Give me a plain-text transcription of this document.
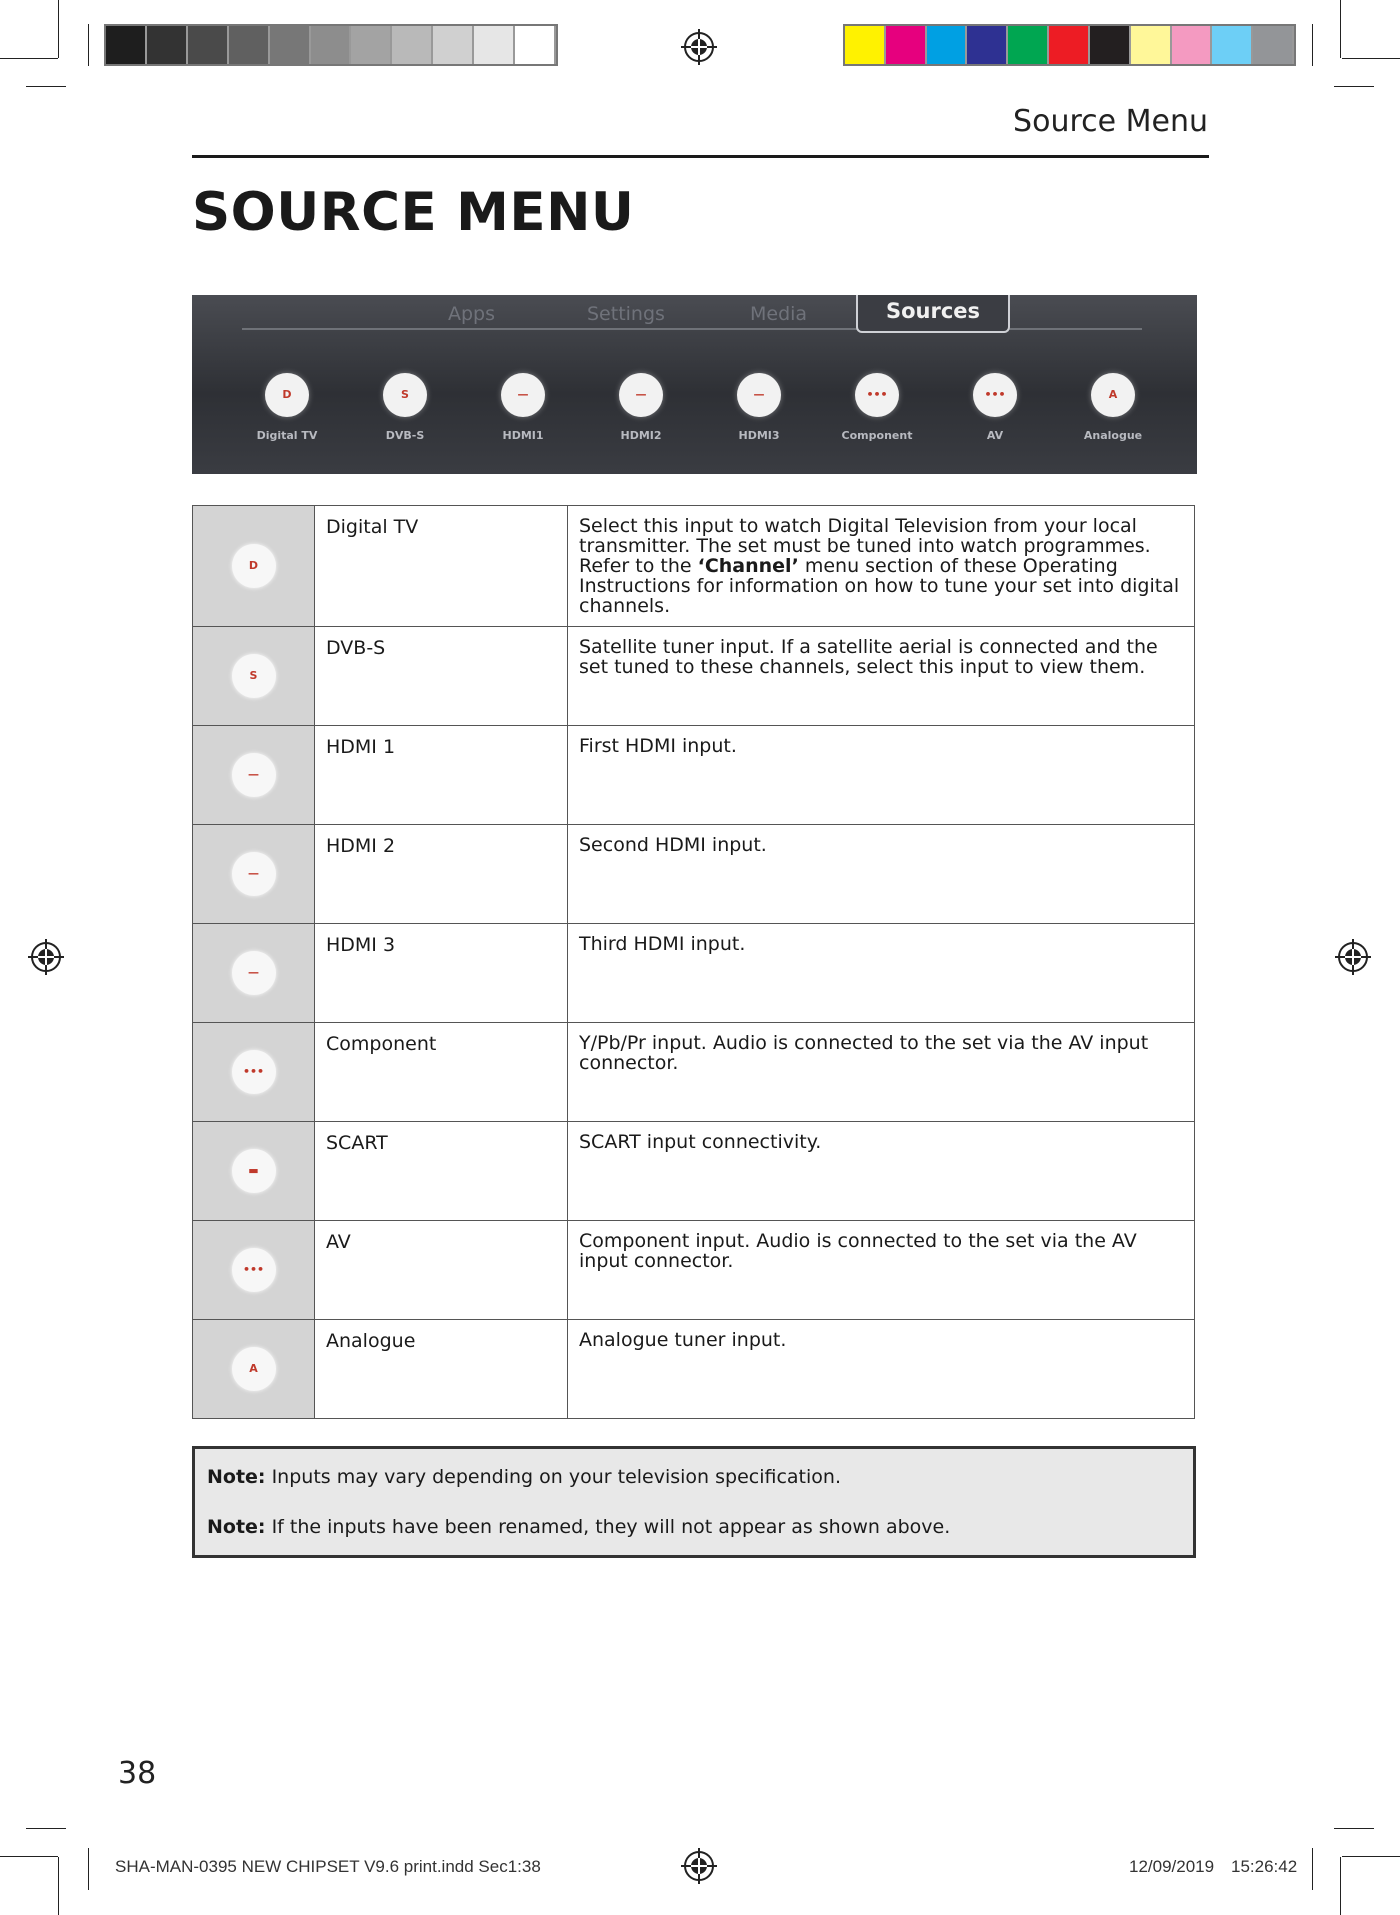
Source Menu
SOURCE MENU
Apps	Settings	Media	Sources
D
Digital TV
S
DVB-S
—
HDMI1
—
HDMI2
—
HDMI3
•••
Component
•••
AV
A
Analogue
D	Digital TV	Select this input to watch Digital Television from your local transmitter. The set must be tuned into watch programmes. Refer to the ‘Channel’ menu section of these Operating Instructions for information on how to tune your set into digital channels.
S	DVB-S	Satellite tuner input. If a satellite aerial is connected and the set tuned to these channels, select this input to view them.
—	HDMI 1	First HDMI input.
—	HDMI 2	Second HDMI input.
—	HDMI 3	Third HDMI input.
•••	Component	Y/Pb/Pr input. Audio is connected to the set via the AV input connector.
▬	SCART	SCART input connectivity.
•••	AV	Component input. Audio is connected to the set via the AV input connector.
A	Analogue	Analogue tuner input.
Note: Inputs may vary depending on your television specification.
Note: If the inputs have been renamed, they will not appear as shown above.
38
SHA-MAN-0395 NEW CHIPSET V9.6 print.indd Sec1:38	12/09/2019 15:26:42
